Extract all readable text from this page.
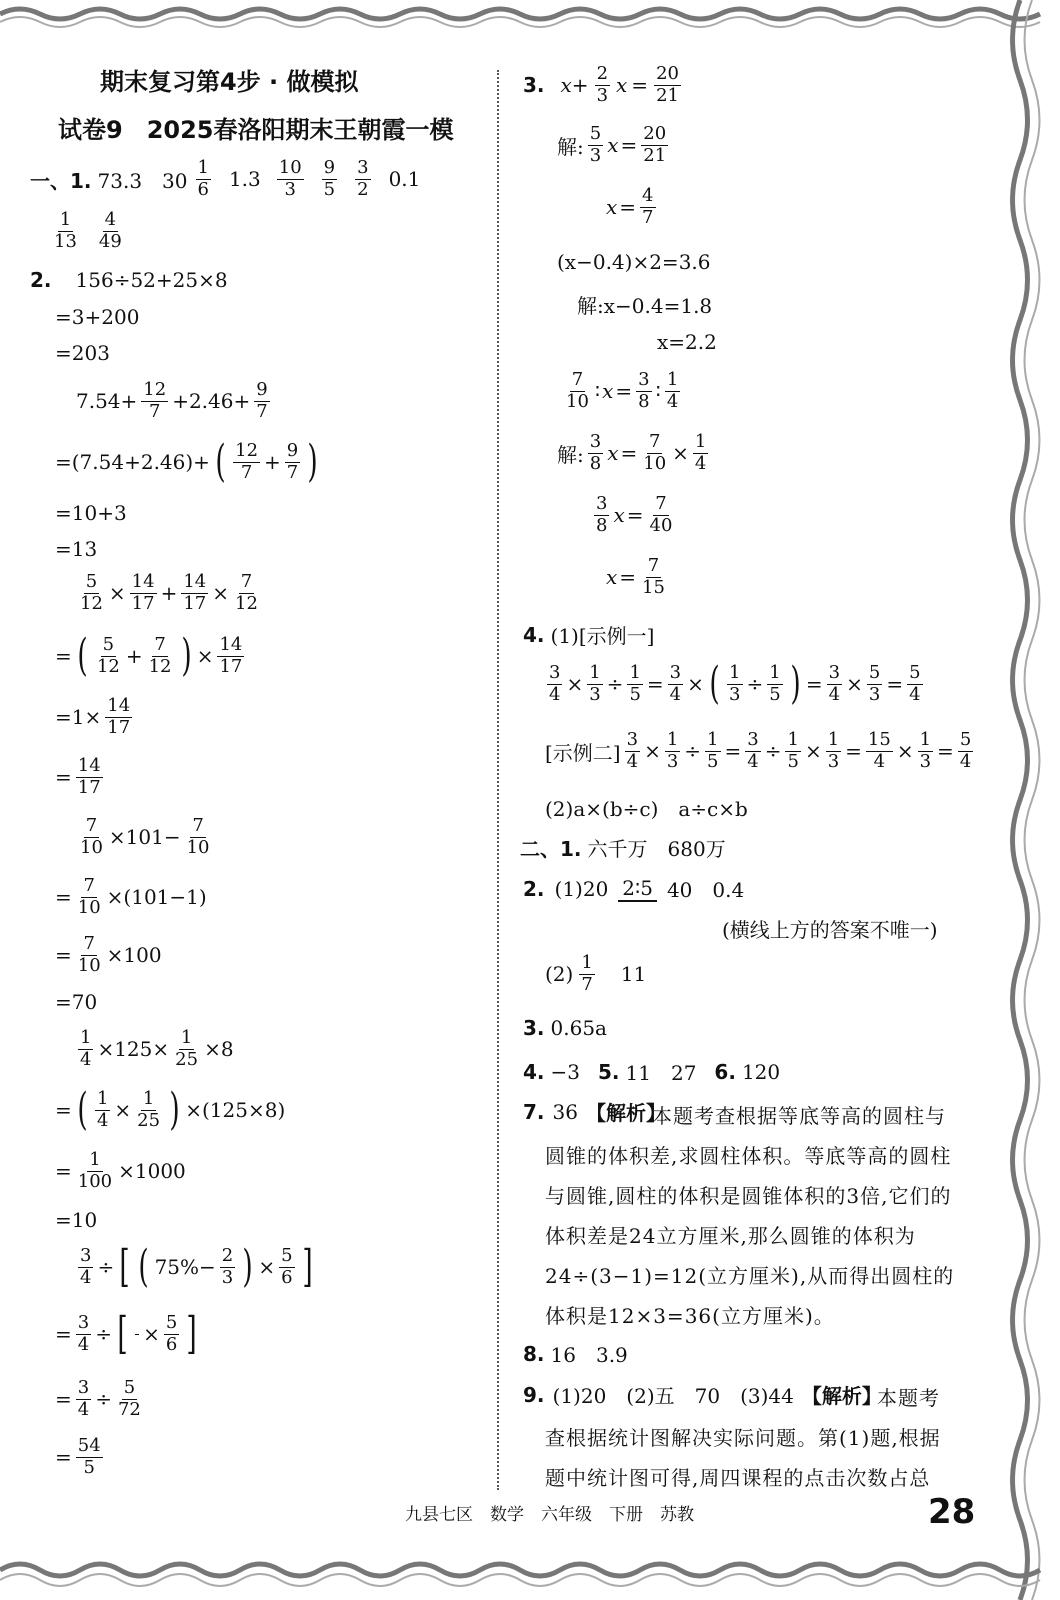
期末复习第4步 · 做模拟
试卷9　2025春洛阳期末王朝霞一模
一、1. 73.3　$30 \frac{1}{6} 1.3 \frac{10}{3} \frac{9}{5} \frac{3}{2} 0.1$
$\frac{1}{13} \frac{4}{49}$
2. 156÷52+25×8
=3+200
=203
$7.54+ \frac{12}{7} +2.46+ \frac{9}{7}$
=(7.54+2.46)+ ( $\frac{12}{7} + \frac{9}{7}$ )
=10+3
=13
$\frac{5}{12} \times \frac{14}{17} + \frac{14}{17} \times \frac{7}{12}$
= ( $\frac{5}{12} + \frac{7}{12}$ ) × $\frac{14}{17}$
$=1\times \frac{14}{17}$
= $\frac{14}{17}$
$\frac{7}{10} \times 101- \frac{7}{10}$
= $\frac{7}{10} \times(101-1)$
= $\frac{7}{10} \times 100$
=70
$\frac{1}{4} \times 125\times \frac{1}{25} \times 8$
= ( $\frac{1}{4} \times \frac{1}{25}$ ) ×(125×8)
= $\frac{1}{100} \times 1000$
=10
$\frac{3}{4}$ ÷ [ ( $75\%- \frac{2}{3}$ ) × $\frac{5}{6}$ ]
= $\frac{3}{4}$ ÷ [ × $\frac{5}{6}$ ]
= $\frac{3}{4} \div \frac{5}{72}$
= $\frac{54}{5}$
3. $x+ \frac{2}{3}$ $x = \frac{20}{21}$
解: $\frac{5}{3}$ $x = \frac{20}{21}$
$x = \frac{4}{7}$
(x−0.4)×2=3.6
解:x−0.4=1.8
x=2.2
$\frac{7}{10}$ ∶ $x = \frac{3}{8}$ ∶ $\frac{1}{4}$
解: $\frac{3}{8}$ $x = \frac{7}{10} \times \frac{1}{4}$
$\frac{3}{8}$ $x = \frac{7}{40}$
$x = \frac{7}{15}$
4. (1)[示例一]
$\frac{3}{4} \times \frac{1}{3} \div \frac{1}{5} = \frac{3}{4}$ × ( $\frac{1}{3} \div \frac{1}{5}$ ) = $\frac{3}{4} \times \frac{5}{3} = \frac{5}{4}$
[示例二] $\frac{3}{4} \times \frac{1}{3} \div \frac{1}{5} = \frac{3}{4} \div \frac{1}{5} \times \frac{1}{3} = \frac{15}{4} \times \frac{1}{3} = \frac{5}{4}$
(2)a×(b÷c)　a÷c×b
二、1. 六千万　680万
2. (1)20 2∶5 40　0.4
(横线上方的答案不唯一)
$(2) \frac{1}{7} 11$
3. 0.65a
4. −3 5. 11　27 6. 120
7. 36 【解析】
本题考查根据等底等高的圆柱与圆锥的体积差,求圆柱体积。等底等高的圆柱与圆锥,圆柱的体积是圆锥体积的3倍,它们的体积差是24立方厘米,那么圆锥的体积为24÷(3−1)=12(立方厘米),从而得出圆柱的体积是12×3=36(立方厘米)。
8. 16　3.9
9. (1)20　(2)五　70　(3)44 【解析】
本题考查根据统计图解决实际问题。第(1)题,根据题中统计图可得,周四课程的点击次数占总
九县七区　数学　六年级　下册　苏教	28
